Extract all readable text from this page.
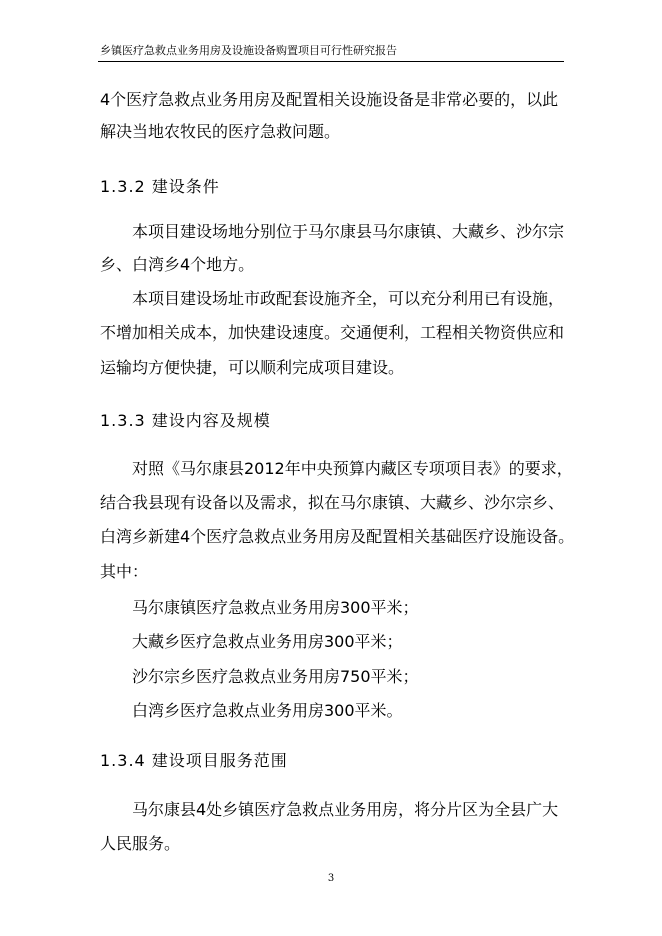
乡镇医疗急救点业务用房及设施设备购置项目可行性研究报告
4个医疗急救点业务用房及配置相关设施设备是非常必要的，以此
解决当地农牧民的医疗急救问题。
1.3.2 建设条件
本项目建设场地分别位于马尔康县马尔康镇、大藏乡、沙尔宗
乡、白湾乡4个地方。
本项目建设场址市政配套设施齐全，可以充分利用已有设施，
不增加相关成本，加快建设速度。交通便利，工程相关物资供应和
运输均方便快捷，可以顺利完成项目建设。
1.3.3 建设内容及规模
对照《马尔康县2012年中央预算内藏区专项项目表》的要求，
结合我县现有设备以及需求，拟在马尔康镇、大藏乡、沙尔宗乡、
白湾乡新建4个医疗急救点业务用房及配置相关基础医疗设施设备。
其中：
马尔康镇医疗急救点业务用房300平米；
大藏乡医疗急救点业务用房300平米；
沙尔宗乡医疗急救点业务用房750平米；
白湾乡医疗急救点业务用房300平米。
1.3.4 建设项目服务范围
马尔康县4处乡镇医疗急救点业务用房，将分片区为全县广大
人民服务。
3
